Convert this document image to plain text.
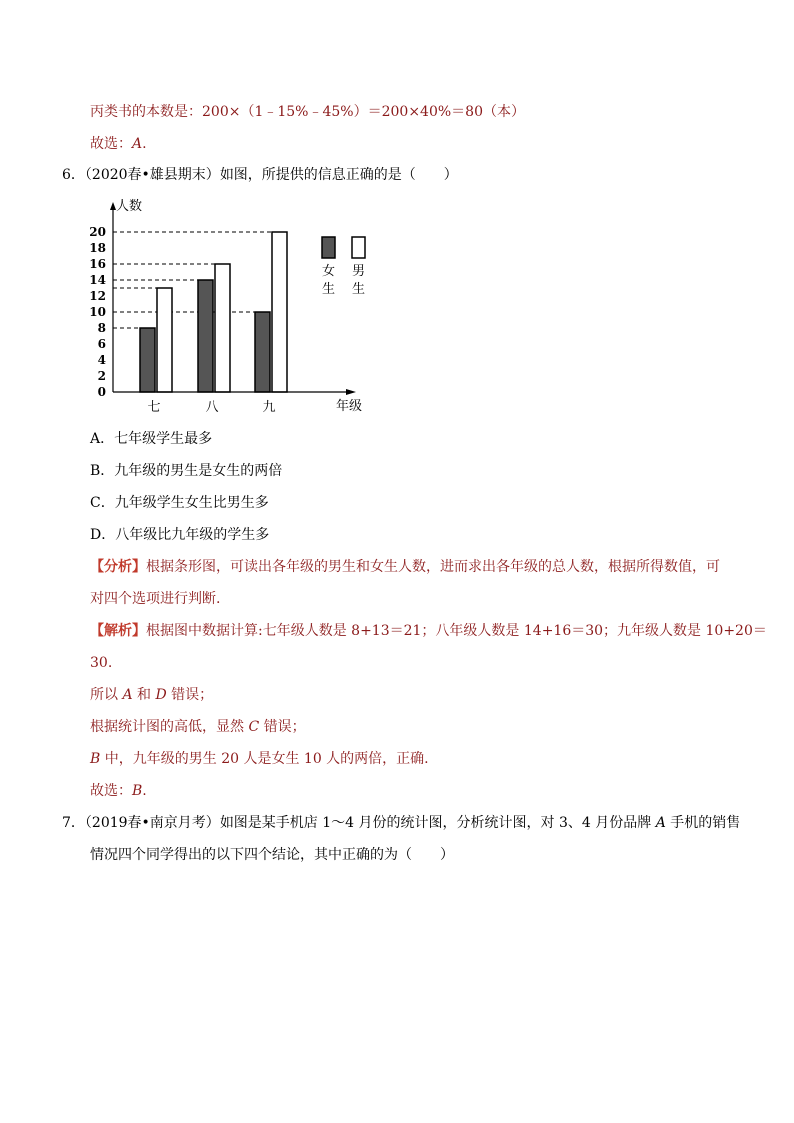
丙类书的本数是：200×（1﹣15%﹣45%）＝200×40%＝80（本）
故选：A.
6．（2020春•雄县期末）如图，所提供的信息正确的是（　　）
0
2
4
6
8
10
12
14
16
18
20
七	八	九
人数
年级
女
生
男
生
A．七年级学生最多
B．九年级的男生是女生的两倍
C．九年级学生女生比男生多
D．八年级比九年级的学生多
【分析】根据条形图，可读出各年级的男生和女生人数，进而求出各年级的总人数，根据所得数值，可
对四个选项进行判断.
【解析】根据图中数据计算:七年级人数是 8+13＝21；八年级人数是 14+16＝30；九年级人数是 10+20＝
30.
所以 A 和 D 错误；
根据统计图的高低，显然 C 错误；
B 中，九年级的男生 20 人是女生 10 人的两倍，正确.
故选：B.
7．（2019春•南京月考）如图是某手机店 1～4 月份的统计图，分析统计图，对 3、4 月份品牌 A 手机的销售
情况四个同学得出的以下四个结论，其中正确的为（　　）
